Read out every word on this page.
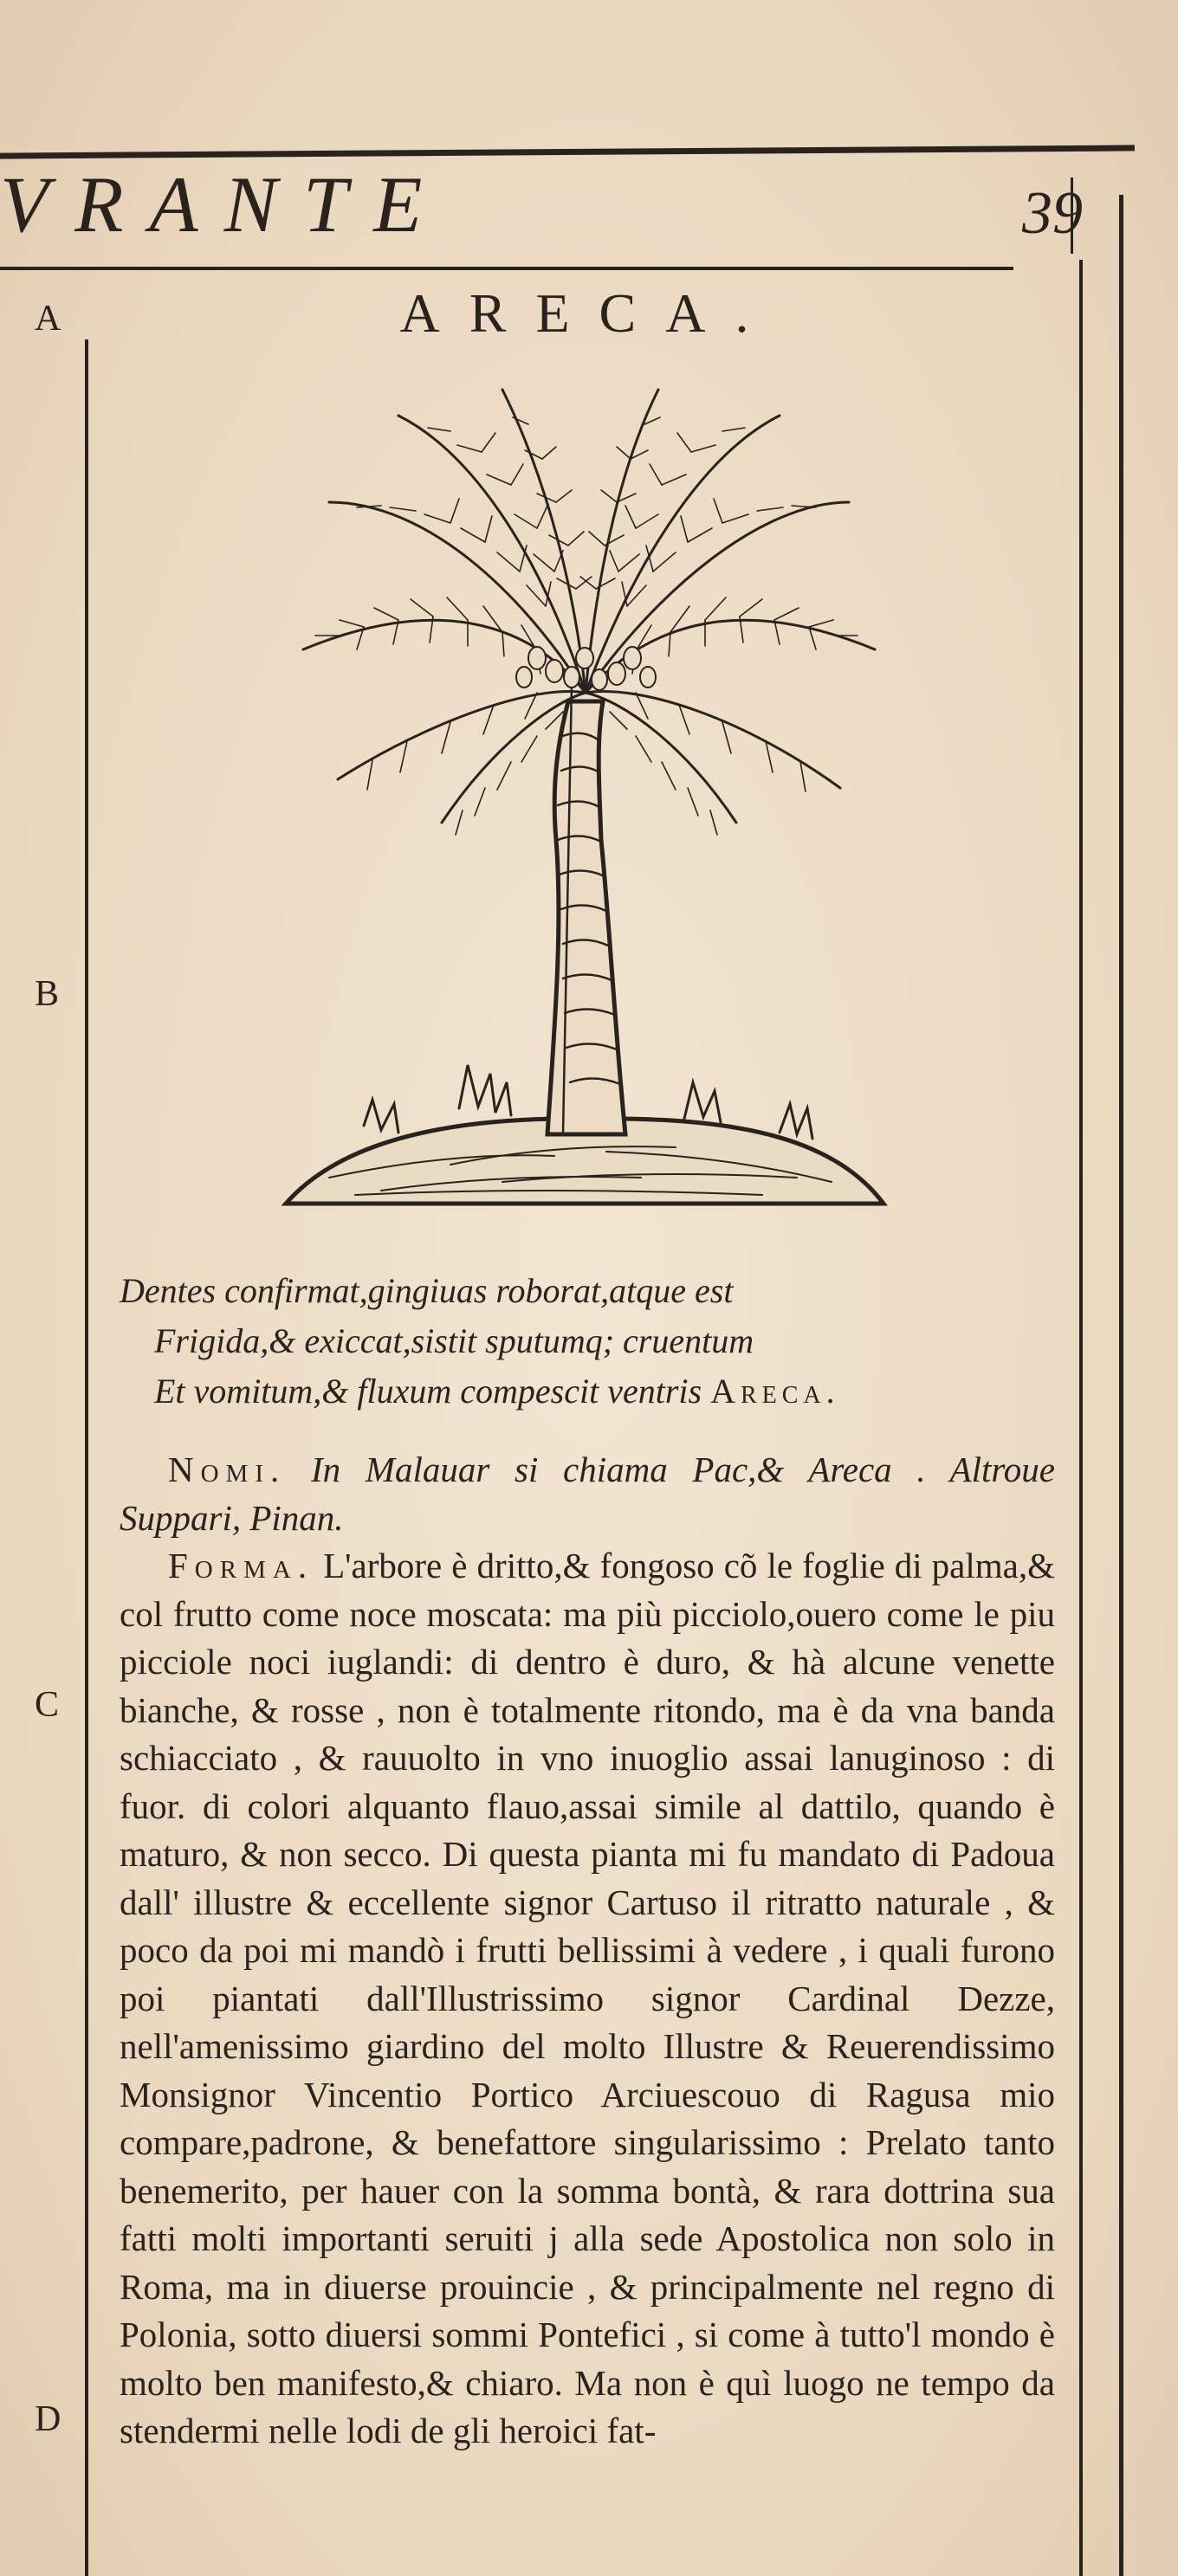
VRANTE	39
A
B
C
D
ARECA.
Dentes confirmat,gingiuas roborat,atque est
Frigida,& exiccat,sistit sputumq; cruentum
Et vomitum,& fluxum compescit ventris Areca.

Nomi. In Malauar si chiama Pac,& Areca . Altroue Suppari, Pinan.

Forma. L'arbore è dritto,& fongoso cõ le foglie di palma,& col frutto come noce moscata: ma più picciolo,ouero come le piu picciole noci iuglandi: di dentro è duro, & hà alcune venette bianche, & rosse , non è totalmente ritondo, ma è da vna banda schiacciato , & rauuolto in vno inuoglio assai lanuginoso : di fuor. di colori alquanto flauo,assai simile al dattilo, quando è maturo, & non secco. Di questa pianta mi fu mandato di Padoua dall' illustre & eccellente signor Cartuso il ritratto naturale , & poco da poi mi mandò i frutti bellissimi à vedere , i quali furono poi piantati dall'Illustrissimo signor Cardinal Dezze, nell'amenissimo giardino del molto Illustre & Reuerendissimo Monsignor Vincentio Portico Arciuescouo di Ragusa mio compare,padrone, & benefattore singularissimo : Prelato tanto benemerito, per hauer con la somma bontà, & rara dottrina sua fatti molti importanti seruiti j alla sede Apostolica non solo in Roma, ma in diuerse prouincie , & principalmente nel regno di Polonia, sotto diuersi sommi Pontefici , si come à tutto'l mondo è molto ben manifesto,& chiaro. Ma non è quì luogo ne tempo da stendermi nelle lodi de gli heroici fat-
